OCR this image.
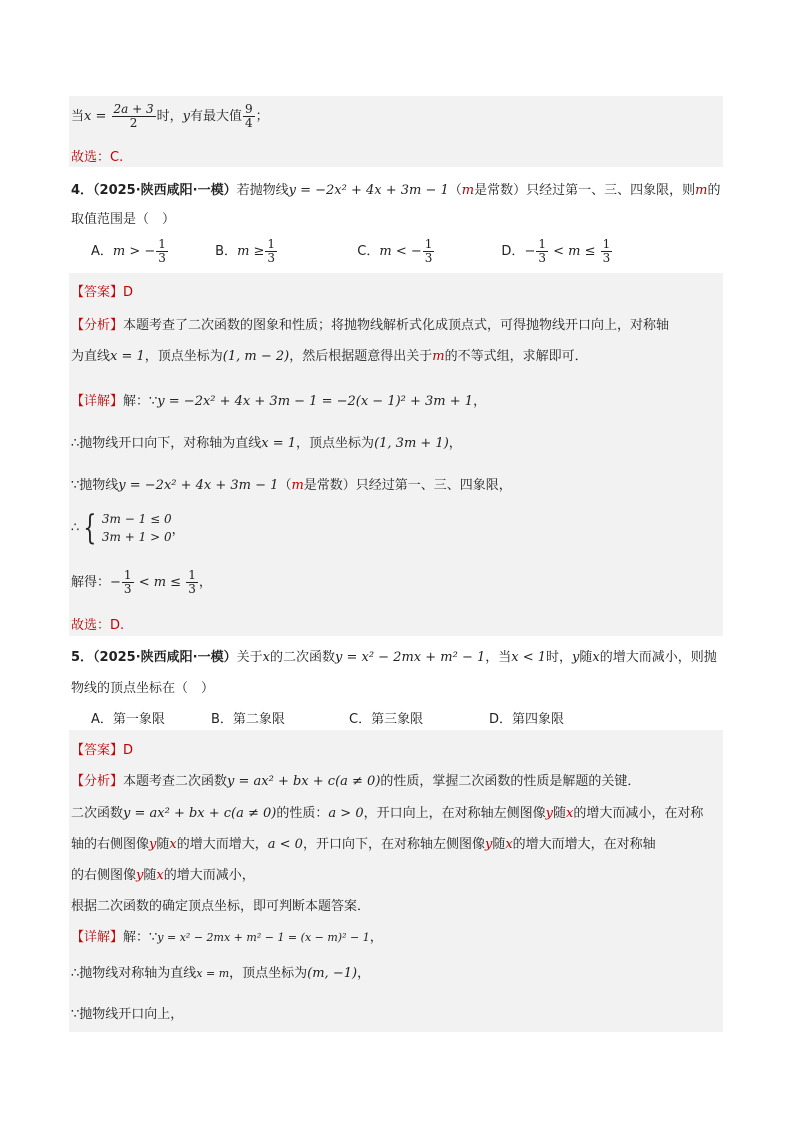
当$x = \frac{2a + 3}{2}$ 时，y有最大值 $\frac{9}{4}$ ；
故选：C.
4．（2025·陕西咸阳·一模）若抛物线y = −2x² + 4x + 3m − 1（m是常数）只经过第一、三、四象限，则m的
取值范围是（　）
A．m > − $\frac{1}{3}$	B．$m \ge \frac{1}{3}$	C．m < − $\frac{1}{3}$	D．− $\frac{1}{3} < m \le \frac{1}{3}$
【答案】D
【分析】本题考查了二次函数的图象和性质；将抛物线解析式化成顶点式，可得抛物线开口向上，对称轴
为直线x = 1，顶点坐标为(1, m − 2)，然后根据题意得出关于m的不等式组，求解即可．
【详解】解：∵y = −2x² + 4x + 3m − 1 = −2(x − 1)² + 3m + 1，
∴抛物线开口向下，对称轴为直线x = 1，顶点坐标为(1, 3m + 1)，
∵抛物线y = −2x² + 4x + 3m − 1（m是常数）只经过第一、三、四象限，
∴ { 3m − 1 ≤ 0
3m + 1 > 0 ，
解得：− $\frac{1}{3} < m \le \frac{1}{3}$ ，
故选：D.
5．（2025·陕西咸阳·一模）关于x的二次函数y = x² − 2mx + m² − 1，当x < 1时，y随x的增大而减小，则抛
物线的顶点坐标在（　）
A．第一象限	B．第二象限	C．第三象限	D．第四象限
【答案】D
【分析】本题考查二次函数y = ax² + bx + c(a ≠ 0)的性质，掌握二次函数的性质是解题的关键．
二次函数y = ax² + bx + c(a ≠ 0)的性质：a > 0，开口向上，在对称轴左侧图像y随x的增大而减小，在对称
轴的右侧图像y随x的增大而增大，a < 0，开口向下，在对称轴左侧图像y随x的增大而增大，在对称轴
的右侧图像y随x的增大而减小，
根据二次函数的确定顶点坐标，即可判断本题答案．
【详解】解：∵y = x² − 2mx + m² − 1 = (x − m)² − 1，
∴抛物线对称轴为直线x = m，顶点坐标为(m, −1)，
∵抛物线开口向上，
